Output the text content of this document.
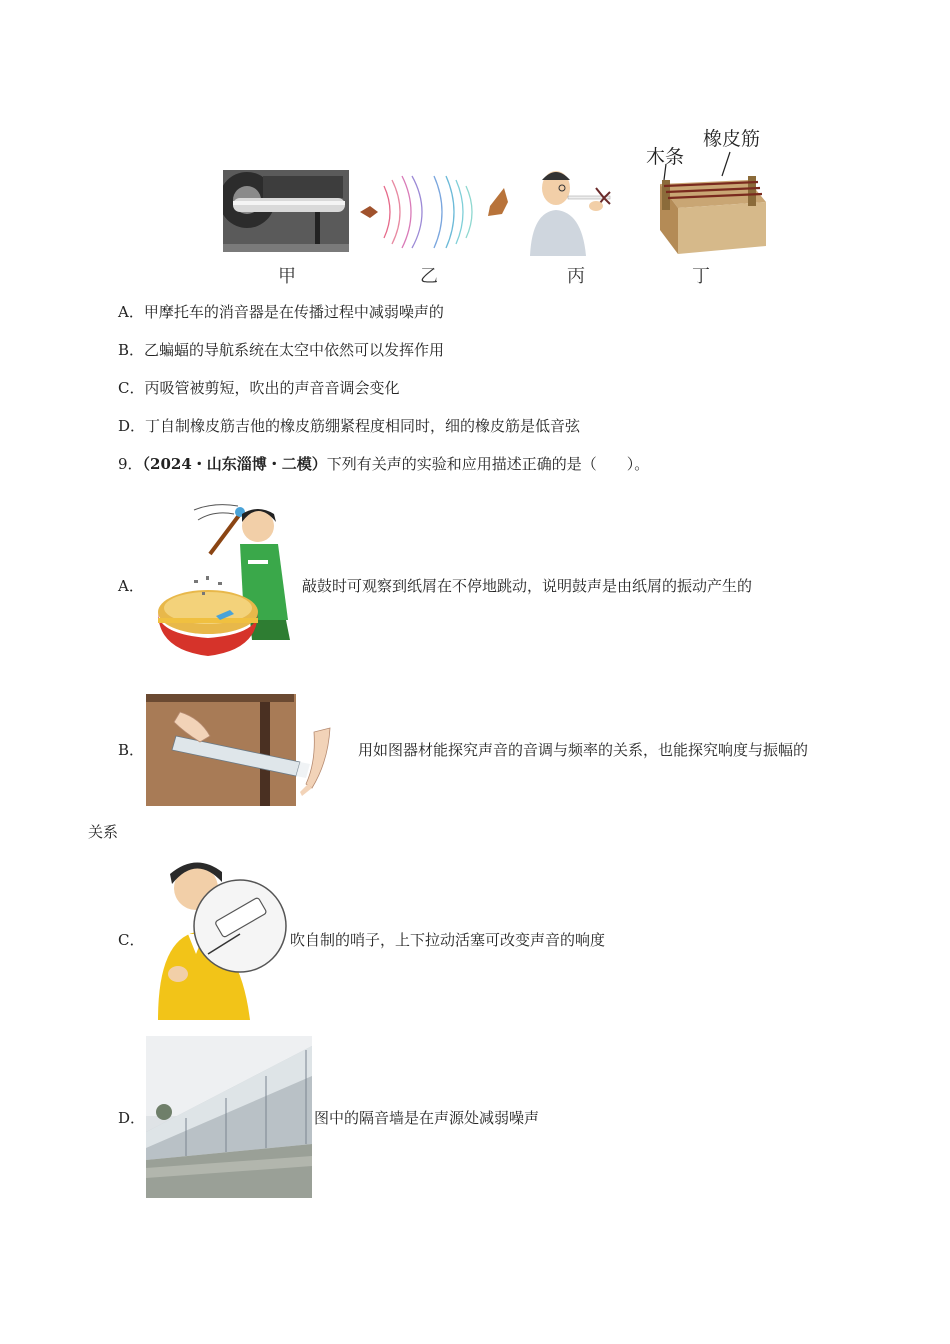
甲	乙	丙
木条
橡皮筋
丁
A．甲摩托车的消音器是在传播过程中减弱噪声的
B．乙蝙蝠的导航系统在太空中依然可以发挥作用
C．丙吸管被剪短，吹出的声音音调会变化
D．丁自制橡皮筋吉他的橡皮筋绷紧程度相同时，细的橡皮筋是低音弦
9．（2024・山东淄博・二模）下列有关声的实验和应用描述正确的是（　　）。
A．	敲鼓时可观察到纸屑在不停地跳动，说明鼓声是由纸屑的振动产生的
B．	用如图器材能探究声音的音调与频率的关系，也能探究响度与振幅的
关系
C．	吹自制的哨子，上下拉动活塞可改变声音的响度
D．	图中的隔音墙是在声源处减弱噪声
